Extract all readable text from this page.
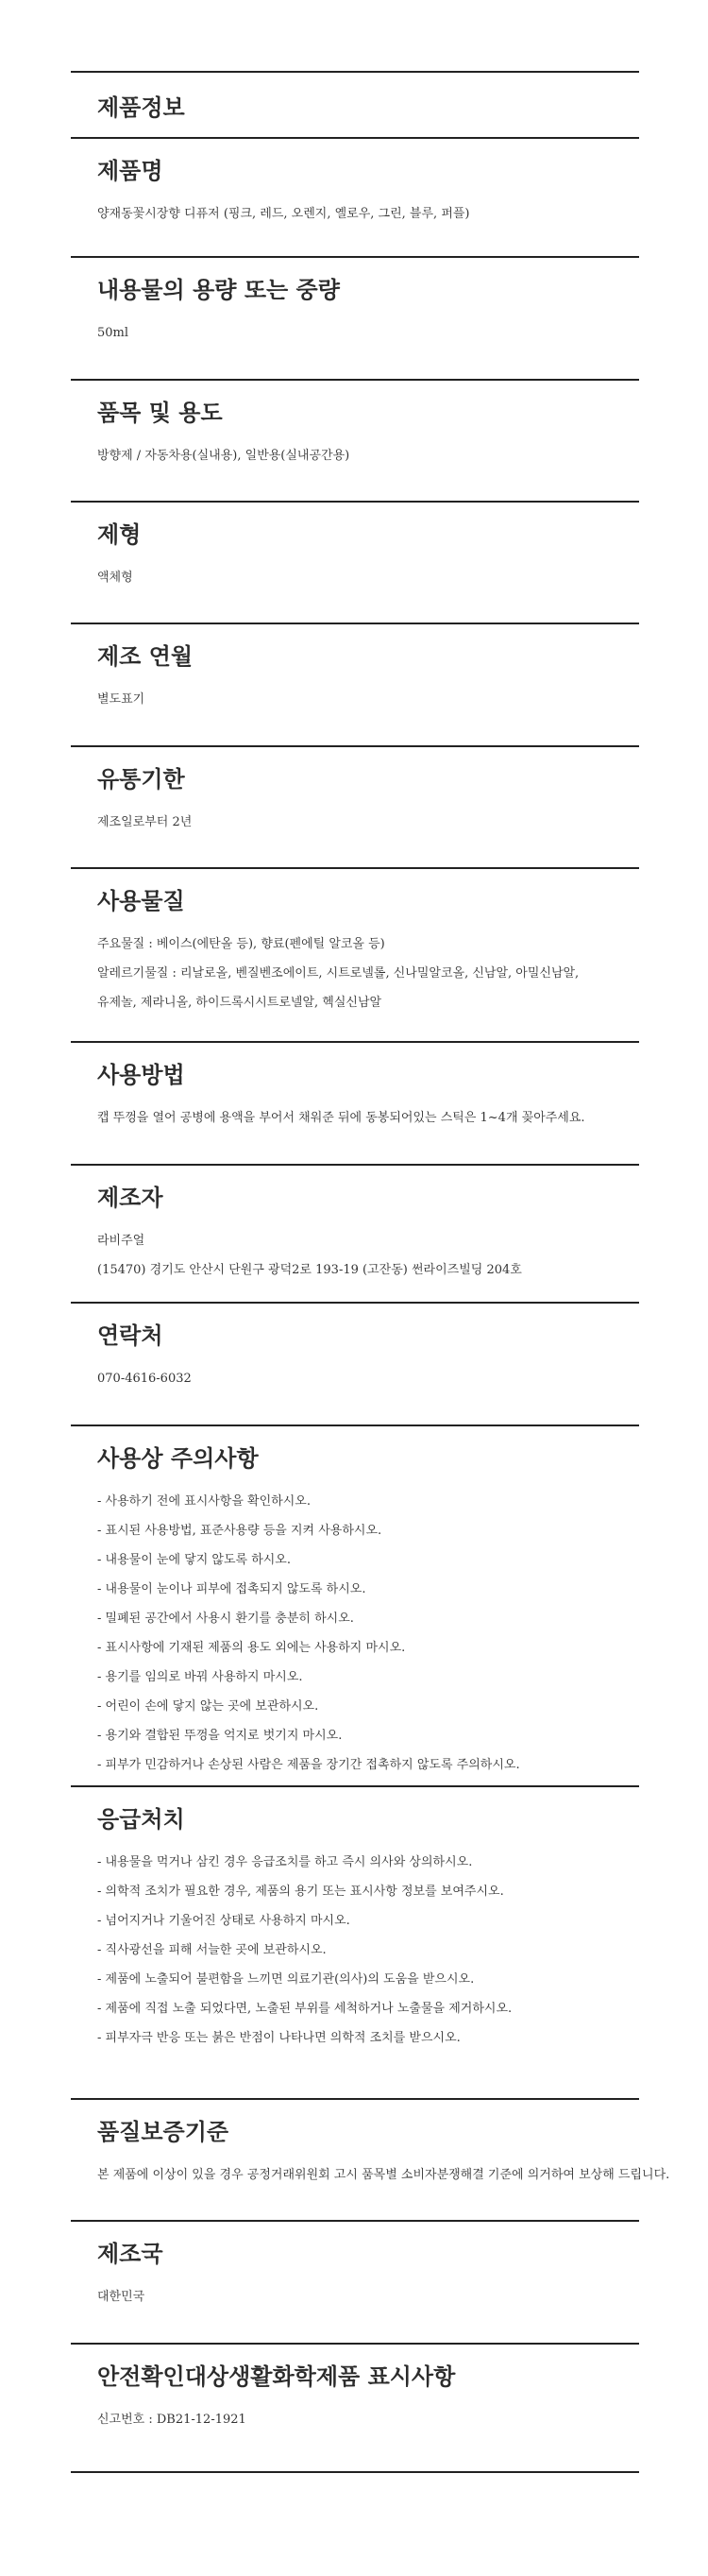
제품정보
제품명
양재동꽃시장향 디퓨저 (핑크, 레드, 오렌지, 옐로우, 그린, 블루, 퍼플)
내용물의 용량 또는 중량
50ml
품목 및 용도
방향제 / 자동차용(실내용), 일반용(실내공간용)
제형
액체형
제조 연월
별도표기
유통기한
제조일로부터 2년
사용물질
주요물질 : 베이스(에탄올 등), 향료(펜에틸 알코올 등)
알레르기물질 : 리날로올, 벤질벤조에이트, 시트로넬롤, 신나밀알코올, 신남알, 아밀신남알,
유제놀, 제라니올, 하이드록시시트로넬알, 헥실신남알
사용방법
캡 뚜껑을 열어 공병에 용액을 부어서 채워준 뒤에 동봉되어있는 스틱은 1~4개 꽂아주세요.
제조자
라비주얼
(15470) 경기도 안산시 단원구 광덕2로 193-19 (고잔동) 썬라이즈빌딩 204호
연락처
070-4616-6032
사용상 주의사항
- 사용하기 전에 표시사항을 확인하시오.
- 표시된 사용방법, 표준사용량 등을 지켜 사용하시오.
- 내용물이 눈에 닿지 않도록 하시오.
- 내용물이 눈이나 피부에 접촉되지 않도록 하시오.
- 밀폐된 공간에서 사용시 환기를 충분히 하시오.
- 표시사항에 기재된 제품의 용도 외에는 사용하지 마시오.
- 용기를 임의로 바꿔 사용하지 마시오.
- 어린이 손에 닿지 않는 곳에 보관하시오.
- 용기와 결합된 뚜껑을 억지로 벗기지 마시오.
- 피부가 민감하거나 손상된 사람은 제품을 장기간 접촉하지 않도록 주의하시오.
응급처치
- 내용물을 먹거나 삼킨 경우 응급조치를 하고 즉시 의사와 상의하시오.
- 의학적 조치가 필요한 경우, 제품의 용기 또는 표시사항 정보를 보여주시오.
- 넘어지거나 기울어진 상태로 사용하지 마시오.
- 직사광선을 피해 서늘한 곳에 보관하시오.
- 제품에 노출되어 불편함을 느끼면 의료기관(의사)의 도움을 받으시오.
- 제품에 직접 노출 되었다면, 노출된 부위를 세척하거나 노출물을 제거하시오.
- 피부자극 반응 또는 붉은 반점이 나타나면 의학적 조치를 받으시오.
품질보증기준
본 제품에 이상이 있을 경우 공정거래위원회 고시 품목별 소비자분쟁해결 기준에 의거하여 보상해 드립니다.
제조국
대한민국
안전확인대상생활화학제품 표시사항
신고번호 : DB21-12-1921
